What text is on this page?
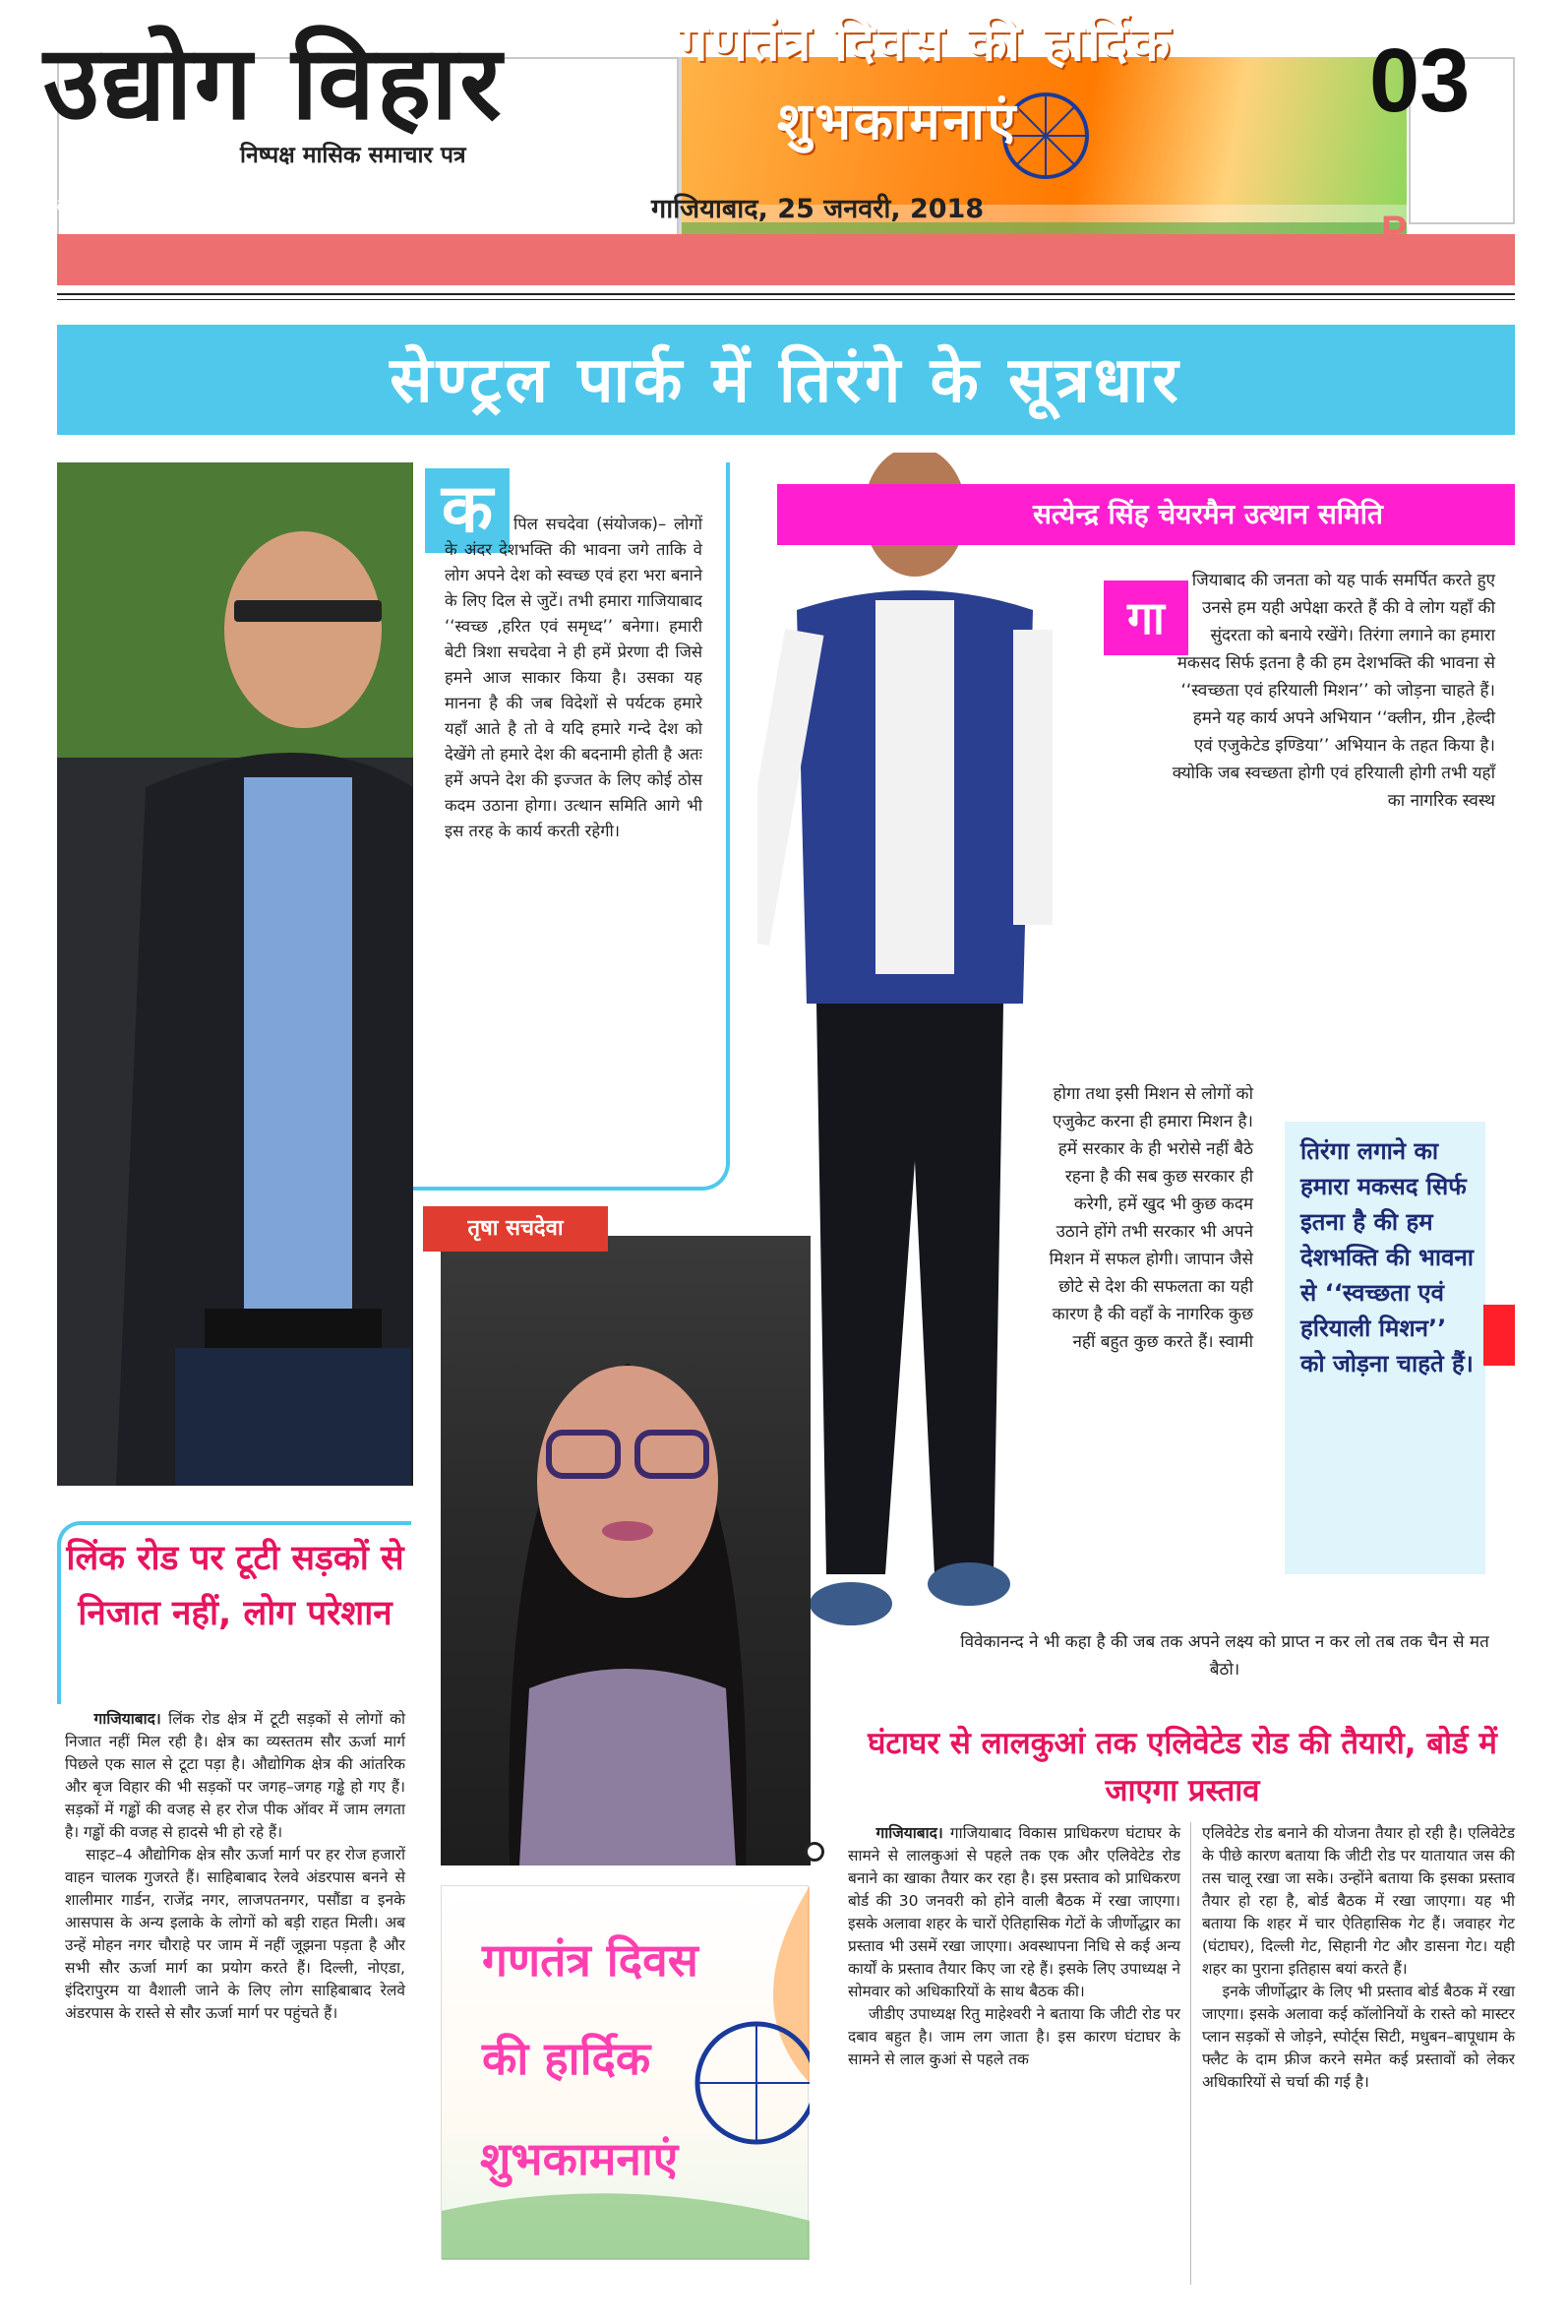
उद्योग विहार
निष्पक्ष मासिक समाचार पत्र
गणतंत्र दिवस की हार्दिक
शुभकामनाएं	03
E-mail : udyogviharnp@yahoo.com	गाजियाबाद, 25 जनवरी, 2018	P.
सेण्ट्रल पार्क में तिरंगे के सूत्रधार
क	पिल सचदेवा (संयोजक)– लोगों के अंदर देशभक्ति की भावना जगे ताकि वे लोग अपने देश को स्वच्छ एवं हरा भरा बनाने के लिए दिल से जुटें। तभी हमारा गाजियाबाद ‘‘स्वच्छ ,हरित एवं समृध्द’’ बनेगा। हमारी बेटी त्रिशा सचदेवा ने ही हमें प्रेरणा दी जिसे हमने आज साकार किया है। उसका यह मानना है की जब विदेशों से पर्यटक हमारे यहाँ आते है तो वे यदि हमारे गन्दे देश को देखेंगे तो हमारे देश की बदनामी होती है अतः हमें अपने देश की इज्जत के लिए कोई ठोस कदम उठाना होगा। उत्थान समिति आगे भी इस तरह के कार्य करती रहेगी।
सत्येन्द्र सिंह चेयरमैन उत्थान समिति
गा
जियाबाद की जनता को यह पार्क समर्पित करते हुए उनसे हम यही अपेक्षा करते हैं की वे लोग यहाँ की सुंदरता को बनाये रखेंगे। तिरंगा लगाने का हमारा मकसद सिर्फ इतना है की हम देशभक्ति की भावना से ‘‘स्वच्छता एवं हरियाली मिशन’’ को जोड़ना चाहते हैं। हमने यह कार्य अपने अभियान ‘‘क्लीन, ग्रीन ,हेल्दी एवं एजुकेटेड इण्डिया’’ अभियान के तहत किया है। क्योकि जब स्वच्छता होगी एवं हरियाली होगी तभी यहाँ का नागरिक स्वस्थ
होगा तथा इसी मिशन से लोगों को एजुकेट करना ही हमारा मिशन है। हमें सरकार के ही भरोसे नहीं बैठे रहना है की सब कुछ सरकार ही करेगी, हमें खुद भी कुछ कदम उठाने होंगे तभी सरकार भी अपने मिशन में सफल होगी। जापान जैसे छोटे से देश की सफलता का यही कारण है की वहाँ के नागरिक कुछ नहीं बहुत कुछ करते हैं। स्वामी
विवेकानन्द ने भी कहा है की जब तक अपने लक्ष्य को प्राप्त न कर लो तब तक चैन से मत बैठो।
तिरंगा लगाने का हमारा मकसद सिर्फ इतना है की हम देशभक्ति की भावना से ‘‘स्वच्छता एवं हरियाली मिशन’’ को जोड़ना चाहते हैं।
तृषा सचदेवा
लिंक रोड पर टूटी सड़कों से निजात नहीं, लोग परेशान

गाजियाबाद। लिंक रोड क्षेत्र में टूटी सड़कों से लोगों को निजात नहीं मिल रही है। क्षेत्र का व्यस्ततम सौर ऊर्जा मार्ग पिछले एक साल से टूटा पड़ा है। औद्योगिक क्षेत्र की आंतरिक और बृज विहार की भी सड़कों पर जगह–जगह गड्ढे हो गए हैं। सड़कों में गड्ढों की वजह से हर रोज पीक ऑवर में जाम लगता है। गड्ढों की वजह से हादसे भी हो रहे हैं।

साइट–4 औद्योगिक क्षेत्र सौर ऊर्जा मार्ग पर हर रोज हजारों वाहन चालक गुजरते हैं। साहिबाबाद रेलवे अंडरपास बनने से शालीमार गार्डन, राजेंद्र नगर, लाजपतनगर, पसौंडा व इनके आसपास के अन्य इलाके के लोगों को बड़ी राहत मिली। अब उन्हें मोहन नगर चौराहे पर जाम में नहीं जूझना पड़ता है और सभी सौर ऊर्जा मार्ग का प्रयोग करते हैं। दिल्ली, नोएडा, इंदिरापुरम या वैशाली जाने के लिए लोग साहिबाबाद रेलवे अंडरपास के रास्ते से सौर ऊर्जा मार्ग पर पहुंचते हैं।

गणतंत्र दिवस
की हार्दिक
शुभकामनाएं
घंटाघर से लालकुआं तक एलिवेटेड रोड की तैयारी, बोर्ड में जाएगा प्रस्ताव

गाजियाबाद। गाजियाबाद विकास प्राधिकरण घंटाघर के सामने से लालकुआं से पहले तक एक और एलिवेटेड रोड बनाने का खाका तैयार कर रहा है। इस प्रस्ताव को प्राधिकरण बोर्ड की 30 जनवरी को होने वाली बैठक में रखा जाएगा। इसके अलावा शहर के चारों ऐतिहासिक गेटों के जीर्णोद्धार का प्रस्ताव भी उसमें रखा जाएगा। अवस्थापना निधि से कई अन्य कार्यों के प्रस्ताव तैयार किए जा रहे हैं। इसके लिए उपाध्यक्ष ने सोमवार को अधिकारियों के साथ बैठक की।

जीडीए उपाध्यक्ष रितु माहेश्वरी ने बताया कि जीटी रोड पर दबाव बहुत है। जाम लग जाता है। इस कारण घंटाघर के सामने से लाल कुआं से पहले तक

एलिवेटेड रोड बनाने की योजना तैयार हो रही है। एलिवेटेड के पीछे कारण बताया कि जीटी रोड पर यातायात जस की तस चालू रखा जा सके। उन्होंने बताया कि इसका प्रस्ताव तैयार हो रहा है, बोर्ड बैठक में रखा जाएगा। यह भी बताया कि शहर में चार ऐतिहासिक गेट हैं। जवाहर गेट (घंटाघर), दिल्ली गेट, सिहानी गेट और डासना गेट। यही शहर का पुराना इतिहास बयां करते हैं।

इनके जीर्णोद्धार के लिए भी प्रस्ताव बोर्ड बैठक में रखा जाएगा। इसके अलावा कई कॉलोनियों के रास्ते को मास्टर प्लान सड़कों से जोड़ने, स्पोर्ट्स सिटी, मधुबन–बापूधाम के फ्लैट के दाम फ्रीज करने समेत कई प्रस्तावों को लेकर अधिकारियों से चर्चा की गई है।
